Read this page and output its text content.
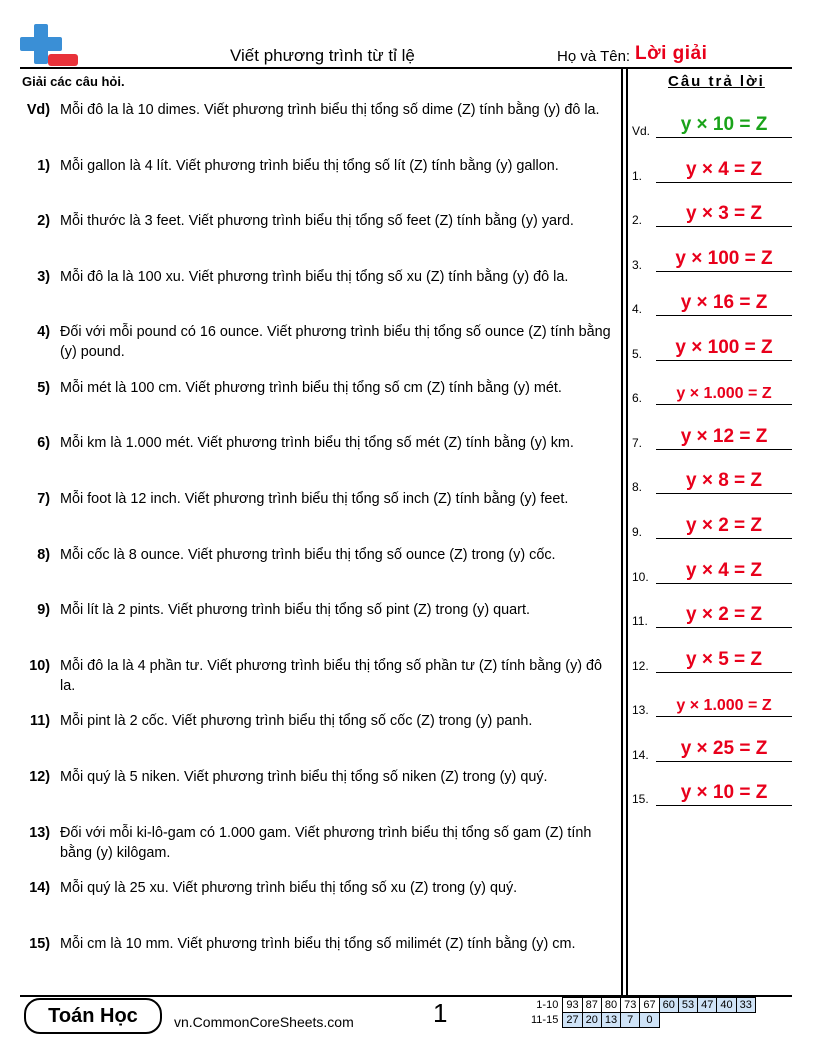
Viết phương trình từ tỉ lệ	Họ và Tên: Lời giải
Giải các câu hỏi.	Câu trả lời
Vd) Mỗi đô la là 10 dimes. Viết phương trình biểu thị tổng số dime (Z) tính bằng (y) đô la.
1) Mỗi gallon là 4 lít. Viết phương trình biểu thị tổng số lít (Z) tính bằng (y) gallon.
2) Mỗi thước là 3 feet. Viết phương trình biểu thị tổng số feet (Z) tính bằng (y) yard.
3) Mỗi đô la là 100 xu. Viết phương trình biểu thị tổng số xu (Z) tính bằng (y) đô la.
4) Đối với mỗi pound có 16 ounce. Viết phương trình biểu thị tổng số ounce (Z) tính bằng (y) pound.
5) Mỗi mét là 100 cm. Viết phương trình biểu thị tổng số cm (Z) tính bằng (y) mét.
6) Mỗi km là 1.000 mét. Viết phương trình biểu thị tổng số mét (Z) tính bằng (y) km.
7) Mỗi foot là 12 inch. Viết phương trình biểu thị tổng số inch (Z) tính bằng (y) feet.
8) Mỗi cốc là 8 ounce. Viết phương trình biểu thị tổng số ounce (Z) trong (y) cốc.
9) Mỗi lít là 2 pints. Viết phương trình biểu thị tổng số pint (Z) trong (y) quart.
10) Mỗi đô la là 4 phần tư. Viết phương trình biểu thị tổng số phần tư (Z) tính bằng (y) đô la.
11) Mỗi pint là 2 cốc. Viết phương trình biểu thị tổng số cốc (Z) trong (y) panh.
12) Mỗi quý là 5 niken. Viết phương trình biểu thị tổng số niken (Z) trong (y) quý.
13) Đối với mỗi ki-lô-gam có 1.000 gam. Viết phương trình biểu thị tổng số gam (Z) tính bằng (y) kilôgam.
14) Mỗi quý là 25 xu. Viết phương trình biểu thị tổng số xu (Z) trong (y) quý.
15) Mỗi cm là 10 mm. Viết phương trình biểu thị tổng số milimét (Z) tính bằng (y) cm.
Vd.	y × 10 = Z
1.	y × 4 = Z
2.	y × 3 = Z
3.	y × 100 = Z
4.	y × 16 = Z
5.	y × 100 = Z
6.	y × 1.000 = Z
7.	y × 12 = Z
8.	y × 8 = Z
9.	y × 2 = Z
10.	y × 4 = Z
11.	y × 2 = Z
12.	y × 5 = Z
13.	y × 1.000 = Z
14.	y × 25 = Z
15.	y × 10 = Z
Toán Học	vn.CommonCoreSheets.com	1	1-10	93	87	80	73	67	60	53	47	40	33
11-15	27	20	13	7	0					
